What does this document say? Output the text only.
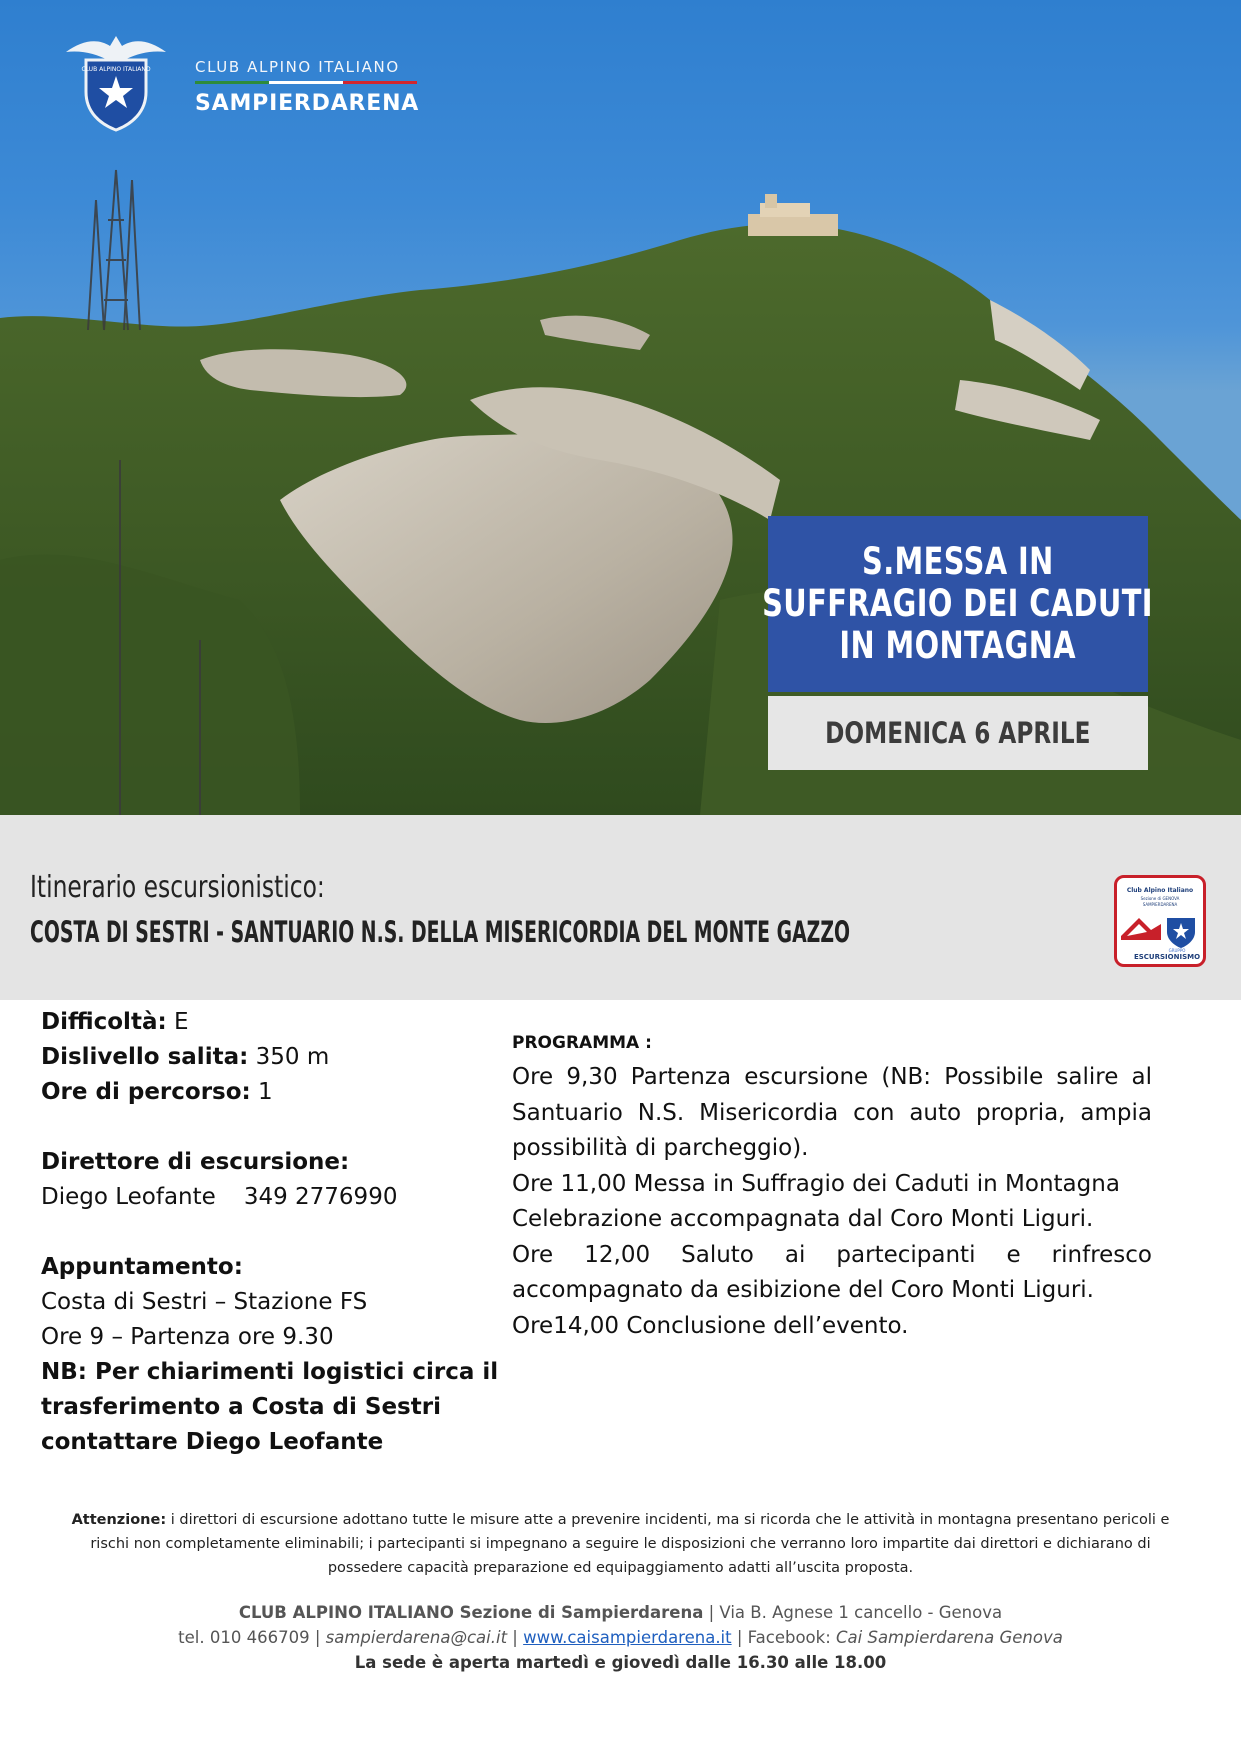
CLUB ALPINO ITALIANO	CLUB ALPINO ITALIANO
SAMPIERDARENA
S.MESSA IN
SUFFRAGIO DEI CADUTI
IN MONTAGNA
DOMENICA 6 APRILE
Itinerario escursionistico:
COSTA DI SESTRI - SANTUARIO N.S. DELLA MISERICORDIA DEL MONTE GAZZO
Club Alpino Italiano
Sezione di GENOVA
SAMPIERDARENA
GRUPPO
ESCURSIONISMO
Difficoltà: E
Dislivello salita: 350 m
Ore di percorso: 1
Direttore di escursione:
Diego Leofante 349 2776990
Appuntamento:
Costa di Sestri – Stazione FS
Ore 9 – Partenza ore 9.30
NB: Per chiarimenti logistici circa il
trasferimento a Costa di Sestri
contattare Diego Leofante
PROGRAMMA :

Ore 9,30 Partenza escursione (NB: Possibile salire al Santuario N.S. Misericordia con auto propria, ampia possibilità di parcheggio).

Ore 11,00 Messa in Suffragio dei Caduti in Montagna

Celebrazione accompagnata dal Coro Monti Liguri.

Ore 12,00 Saluto ai partecipanti e rinfresco accompagnato da esibizione del Coro Monti Liguri.

Ore14,00 Conclusione dell’evento.

Attenzione: i direttori di escursione adottano tutte le misure atte a prevenire incidenti, ma si ricorda che le attività in montagna presentano pericoli e rischi non completamente eliminabili; i partecipanti si impegnano a seguire le disposizioni che verranno loro impartite dai direttori e dichiarano di possedere capacità preparazione ed equipaggiamento adatti all’uscita proposta.
CLUB ALPINO ITALIANO Sezione di Sampierdarena | Via B. Agnese 1 cancello - Genova
tel. 010 466709 | sampierdarena@cai.it | www.caisampierdarena.it | Facebook: Cai Sampierdarena Genova
La sede è aperta martedì e giovedì dalle 16.30 alle 18.00
